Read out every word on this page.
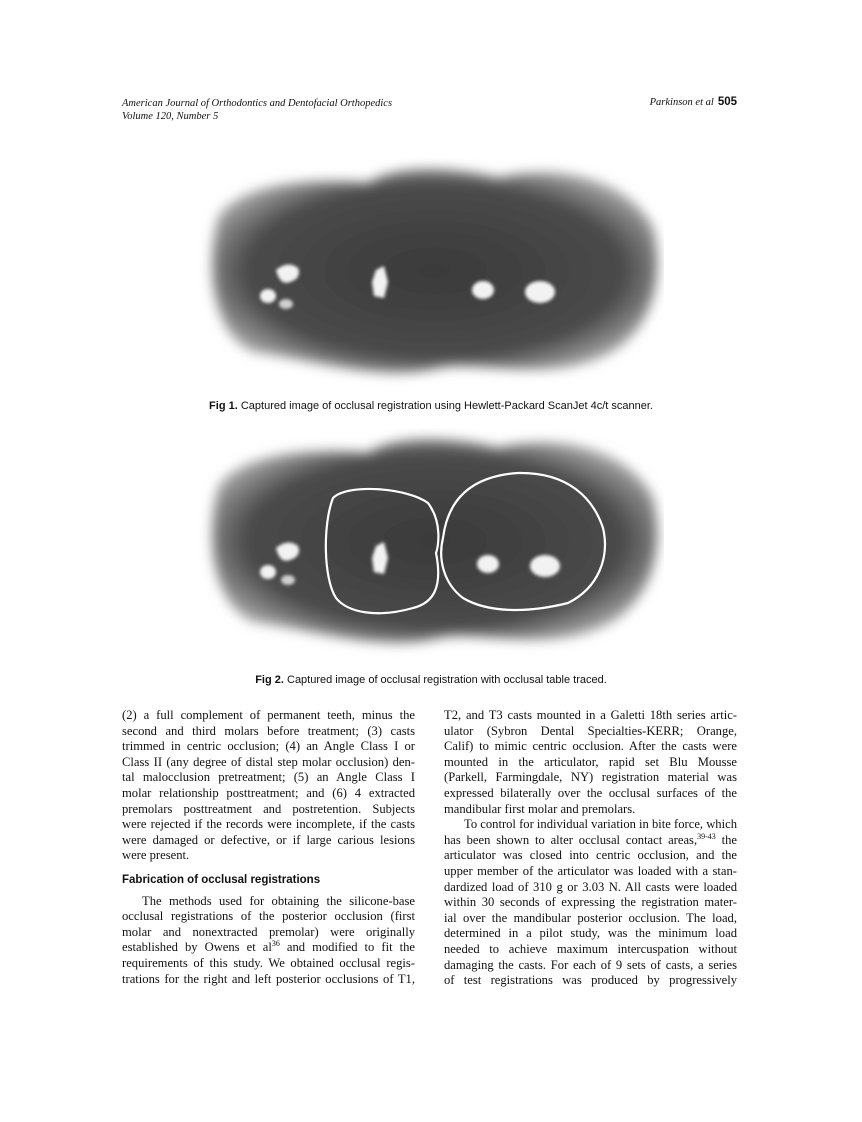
American Journal of Orthodontics and Dentofacial Orthopedics
Volume 120, Number 5
Parkinson et al 505
Fig 1. Captured image of occlusal registration using Hewlett-Packard ScanJet 4c/t scanner.
Fig 2. Captured image of occlusal registration with occlusal table traced.
(2) a full complement of permanent teeth, minus the
second and third molars before treatment; (3) casts
trimmed in centric occlusion; (4) an Angle Class I or
Class II (any degree of distal step molar occlusion) den-
tal malocclusion pretreatment; (5) an Angle Class I
molar relationship posttreatment; and (6) 4 extracted
premolars posttreatment and postretention. Subjects
were rejected if the records were incomplete, if the casts
were damaged or defective, or if large carious lesions
were present.
Fabrication of occlusal registrations
The methods used for obtaining the silicone-base
occlusal registrations of the posterior occlusion (first
molar and nonextracted premolar) were originally
established by Owens et $al^{36}$ and modified to fit the
requirements of this study. We obtained occlusal regis-
trations for the right and left posterior occlusions of T1,
T2, and T3 casts mounted in a Galetti 18th series artic-
ulator (Sybron Dental Specialties-KERR; Orange,
Calif) to mimic centric occlusion. After the casts were
mounted in the articulator, rapid set Blu Mousse
(Parkell, Farmingdale, NY) registration material was
expressed bilaterally over the occlusal surfaces of the
mandibular first molar and premolars.
To control for individual variation in bite force, which
has been shown to alter occlusal contact areas,$^{39-43}$ the
articulator was closed into centric occlusion, and the
upper member of the articulator was loaded with a stan-
dardized load of 310 g or 3.03 N. All casts were loaded
within 30 seconds of expressing the registration mater-
ial over the mandibular posterior occlusion. The load,
determined in a pilot study, was the minimum load
needed to achieve maximum intercuspation without
damaging the casts. For each of 9 sets of casts, a series
of test registrations was produced by progressively
